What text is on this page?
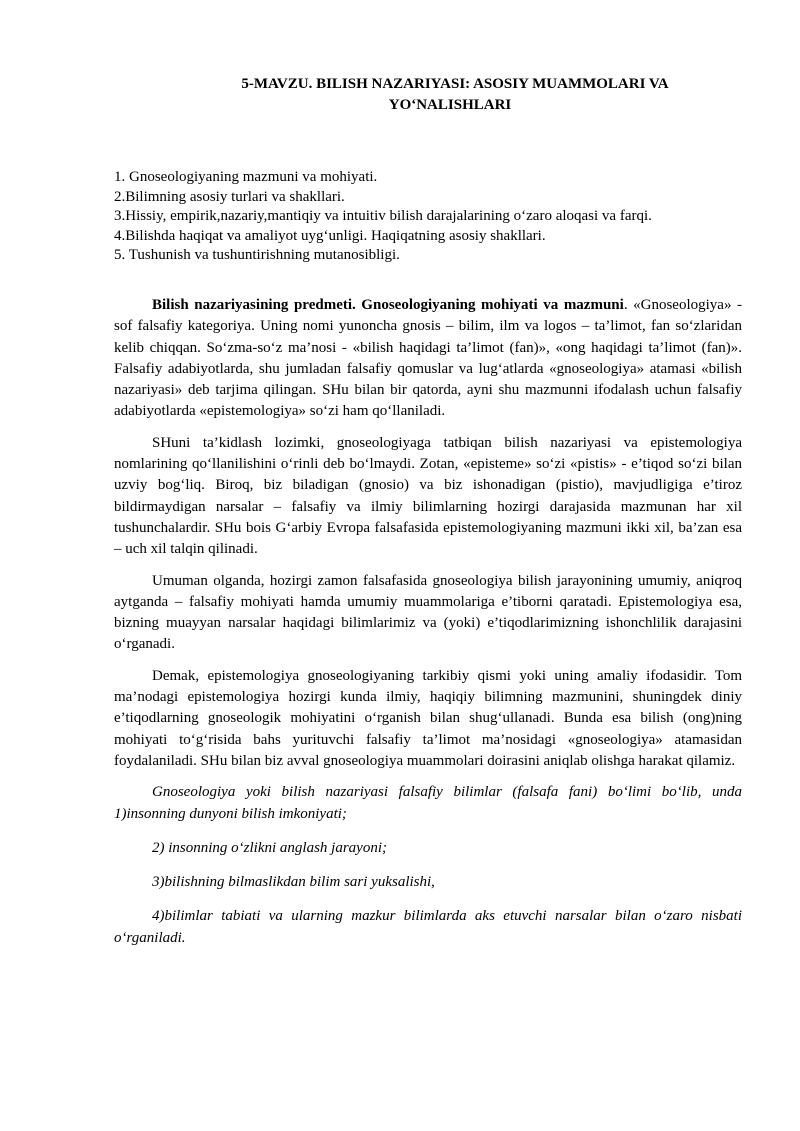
5-MAVZU. BILISH NAZARIYASI: ASOSIY MUAMMOLARI VA
YO‘NALISHLARI
1. Gnoseologiyaning mazmuni va mohiyati.
2.Bilimning asosiy turlari va shakllari.
3.Hissiy, empirik,nazariy,mantiqiy va intuitiv bilish darajalarining o‘zaro aloqasi va farqi.
4.Bilishda haqiqat va amaliyot uyg‘unligi. Haqiqatning asosiy shakllari.
5. Tushunish va tushuntirishning mutanosibligi.

Bilish nazariyasining predmeti. Gnoseologiyaning mohiyati va mazmuni. «Gnoseologiya» - sof falsafiy kategoriya. Uning nomi yunoncha gnosis – bilim, ilm va logos – ta’limot, fan so‘zlaridan kelib chiqqan. So‘zma-so‘z ma’nosi - «bilish haqidagi ta’limot (fan)», «ong haqidagi ta’limot (fan)». Falsafiy adabiyotlarda, shu jumladan falsafiy qomuslar va lug‘atlarda «gnoseologiya» atamasi «bilish nazariyasi» deb tarjima qilingan. SHu bilan bir qatorda, ayni shu mazmunni ifodalash uchun falsafiy adabiyotlarda «epistemologiya» so‘zi ham qo‘llaniladi.

SHuni ta’kidlash lozimki, gnoseologiyaga tatbiqan bilish nazariyasi va epistemologiya nomlarining qo‘llanilishini o‘rinli deb bo‘lmaydi. Zotan, «episteme» so‘zi «pistis» - e’tiqod so‘zi bilan uzviy bog‘liq. Biroq, biz biladigan (gnosio) va biz ishonadigan (pistio), mavjudligiga e’tiroz bildirmaydigan narsalar – falsafiy va ilmiy bilimlarning hozirgi darajasida mazmunan har xil tushunchalardir. SHu bois G‘arbiy Evropa falsafasida epistemologiyaning mazmuni ikki xil, ba’zan esa – uch xil talqin qilinadi.

Umuman olganda, hozirgi zamon falsafasida gnoseologiya bilish jarayonining umumiy, aniqroq aytganda – falsafiy mohiyati hamda umumiy muammolariga e’tiborni qaratadi. Epistemologiya esa, bizning muayyan narsalar haqidagi bilimlarimiz va (yoki) e’tiqodlarimizning ishonchlilik darajasini o‘rganadi.

Demak, epistemologiya gnoseologiyaning tarkibiy qismi yoki uning amaliy ifodasidir. Tom ma’nodagi epistemologiya hozirgi kunda ilmiy, haqiqiy bilimning mazmunini, shuningdek diniy e’tiqodlarning gnoseologik mohiyatini o‘rganish bilan shug‘ullanadi. Bunda esa bilish (ong)ning mohiyati to‘g‘risida bahs yurituvchi falsafiy ta’limot ma’nosidagi «gnoseologiya» atamasidan foydalaniladi. SHu bilan biz avval gnoseologiya muammolari doirasini aniqlab olishga harakat qilamiz.

Gnoseologiya yoki bilish nazariyasi falsafiy bilimlar (falsafa fani) bo‘limi bo‘lib, unda 1)insonning dunyoni bilish imkoniyati;

2) insonning o‘zlikni anglash jarayoni;

3)bilishning bilmaslikdan bilim sari yuksalishi,

4)bilimlar tabiati va ularning mazkur bilimlarda aks etuvchi narsalar bilan o‘zaro nisbati o‘rganiladi.
